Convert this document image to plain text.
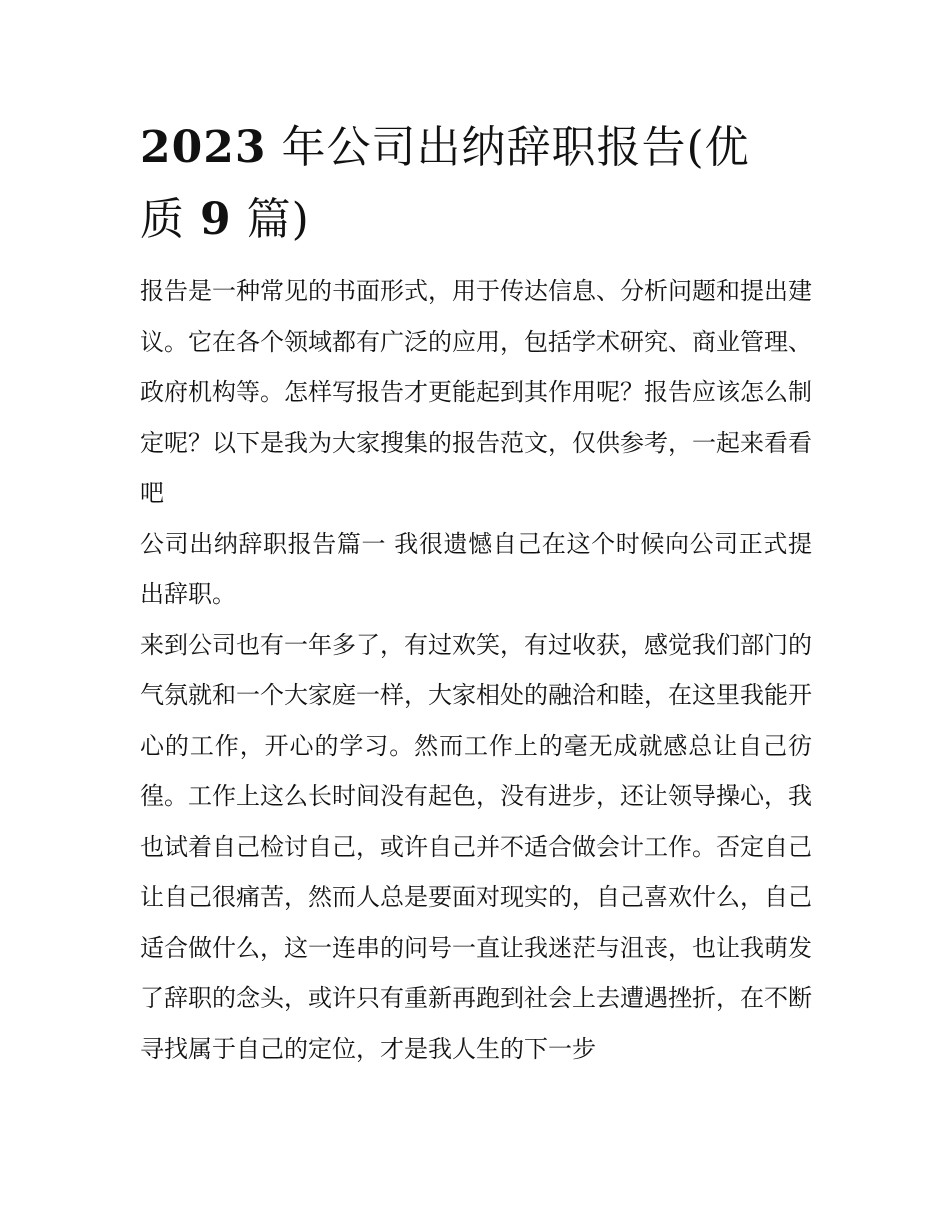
2023 年公司出纳辞职报告(优
质 9 篇)

报告是一种常见的书面形式，用于传达信息、分析问题和提出建议。它在各个领域都有广泛的应用，包括学术研究、商业管理、政府机构等。怎样写报告才更能起到其作用呢？报告应该怎么制定呢？以下是我为大家搜集的报告范文，仅供参考，一起来看看吧

公司出纳辞职报告篇一 我很遗憾自己在这个时候向公司正式提出辞职。

来到公司也有一年多了，有过欢笑，有过收获，感觉我们部门的气氛就和一个大家庭一样，大家相处的融洽和睦，在这里我能开心的工作，开心的学习。然而工作上的毫无成就感总让自己彷徨。工作上这么长时间没有起色，没有进步，还让领导操心，我也试着自己检讨自己，或许自己并不适合做会计工作。否定自己让自己很痛苦，然而人总是要面对现实的，自己喜欢什么，自己适合做什么，这一连串的问号一直让我迷茫与沮丧，也让我萌发了辞职的念头，或许只有重新再跑到社会上去遭遇挫折，在不断寻找属于自己的定位，才是我人生的下一步
